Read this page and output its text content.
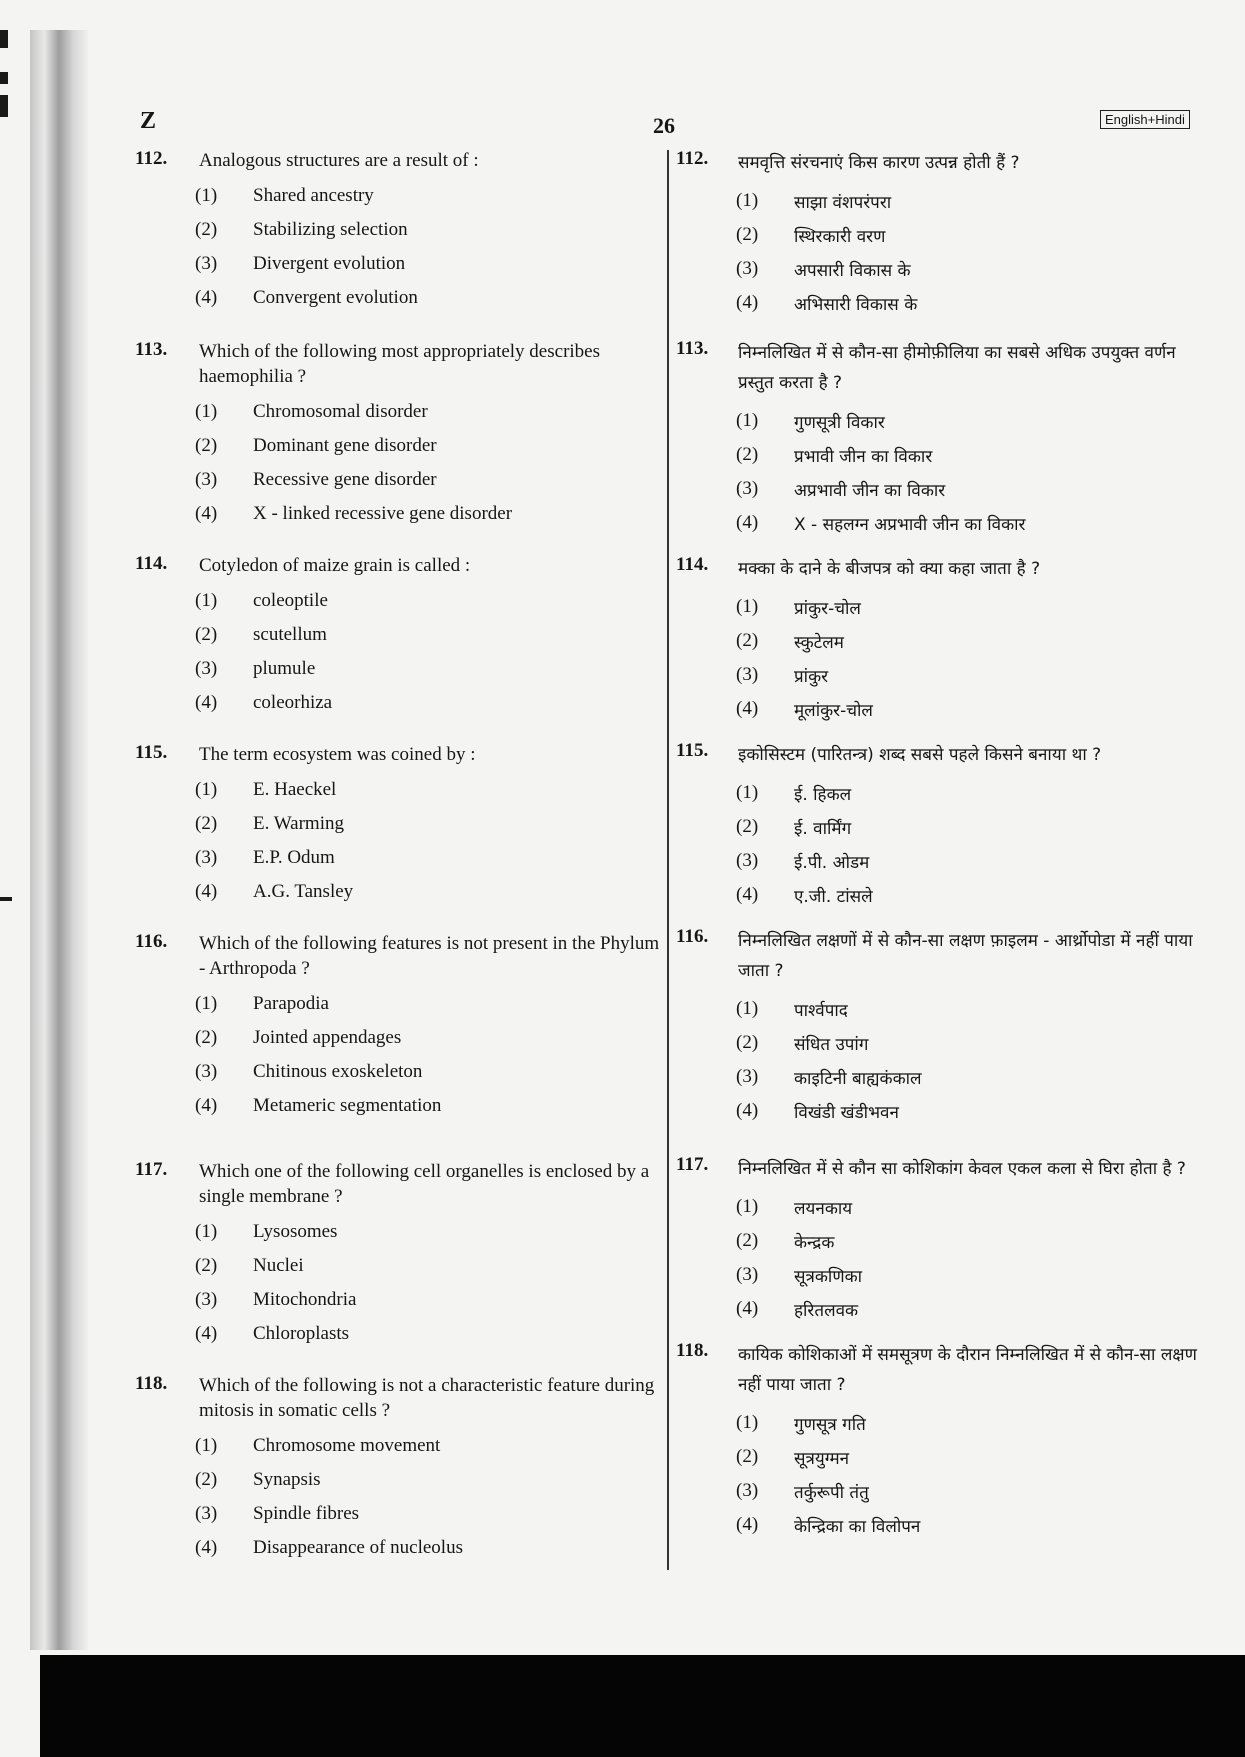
Z	26	English+Hindi
112. Analogous structures are a result of :
(1)	Shared ancestry
(2)	Stabilizing selection
(3)	Divergent evolution
(4)	Convergent evolution
113. Which of the following most appropriately describes haemophilia ?
(1)	Chromosomal disorder
(2)	Dominant gene disorder
(3)	Recessive gene disorder
(4)	X - linked recessive gene disorder
114. Cotyledon of maize grain is called :
(1)	coleoptile
(2)	scutellum
(3)	plumule
(4)	coleorhiza
115. The term ecosystem was coined by :
(1)	E. Haeckel
(2)	E. Warming
(3)	E.P. Odum
(4)	A.G. Tansley
116. Which of the following features is not present in the Phylum - Arthropoda ?
(1)	Parapodia
(2)	Jointed appendages
(3)	Chitinous exoskeleton
(4)	Metameric segmentation
117. Which one of the following cell organelles is enclosed by a single membrane ?
(1)	Lysosomes
(2)	Nuclei
(3)	Mitochondria
(4)	Chloroplasts
118. Which of the following is not a characteristic feature during mitosis in somatic cells ?
(1)	Chromosome movement
(2)	Synapsis
(3)	Spindle fibres
(4)	Disappearance of nucleolus
112. समवृत्ति संरचनाएं किस कारण उत्पन्न होती हैं ?
(1)	साझा वंशपरंपरा
(2)	स्थिरकारी वरण
(3)	अपसारी विकास के
(4)	अभिसारी विकास के
113. निम्नलिखित में से कौन-सा हीमोफ़ीलिया का सबसे अधिक उपयुक्त वर्णन प्रस्तुत करता है ?
(1)	गुणसूत्री विकार
(2)	प्रभावी जीन का विकार
(3)	अप्रभावी जीन का विकार
(4)	X - सहलग्न अप्रभावी जीन का विकार
114. मक्का के दाने के बीजपत्र को क्या कहा जाता है ?
(1)	प्रांकुर-चोल
(2)	स्कुटेलम
(3)	प्रांकुर
(4)	मूलांकुर-चोल
115. इकोसिस्टम (पारितन्त्र) शब्द सबसे पहले किसने बनाया था ?
(1)	ई. हिकल
(2)	ई. वार्मिंग
(3)	ई.पी. ओडम
(4)	ए.जी. टांसले
116. निम्नलिखित लक्षणों में से कौन-सा लक्षण फ़ाइलम - आर्थ्रोपोडा में नहीं पाया जाता ?
(1)	पार्श्वपाद
(2)	संधित उपांग
(3)	काइटिनी बाह्यकंकाल
(4)	विखंडी खंडीभवन
117. निम्नलिखित में से कौन सा कोशिकांग केवल एकल कला से घिरा होता है ?
(1)	लयनकाय
(2)	केन्द्रक
(3)	सूत्रकणिका
(4)	हरितलवक
118. कायिक कोशिकाओं में समसूत्रण के दौरान निम्नलिखित में से कौन-सा लक्षण नहीं पाया जाता ?
(1)	गुणसूत्र गति
(2)	सूत्रयुग्मन
(3)	तर्कुरूपी तंतु
(4)	केन्द्रिका का विलोपन
